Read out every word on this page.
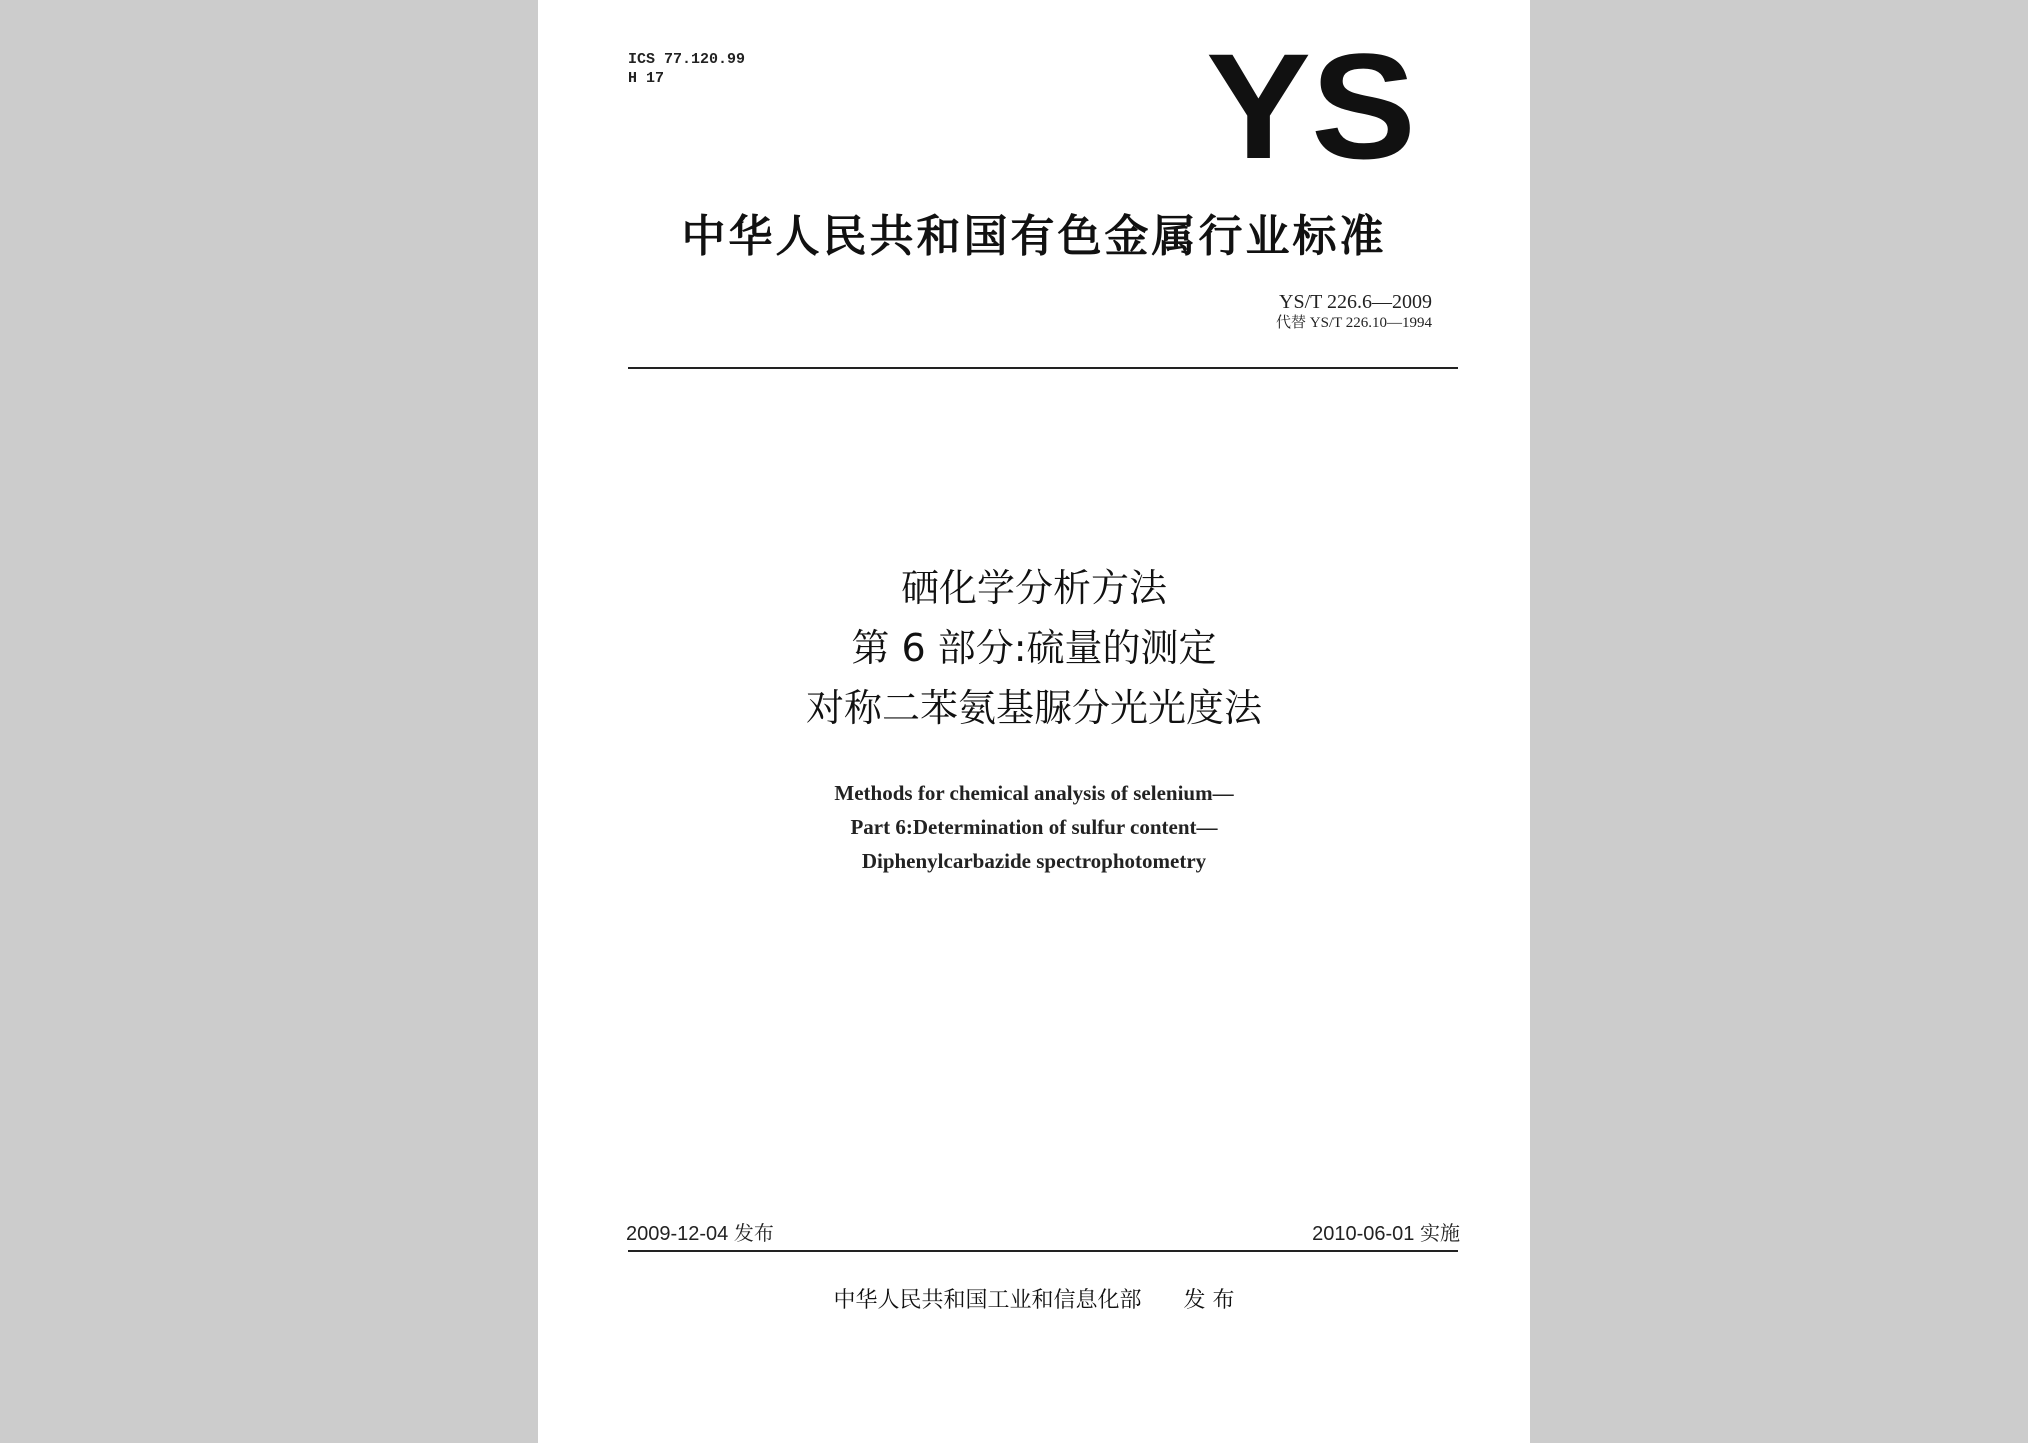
ICS 77.120.99
H 17	YS
中华人民共和国有色金属行业标准
YS/T 226.6—2009
代替 YS/T 226.10—1994
硒化学分析方法
第 6 部分:硫量的测定
对称二苯氨基脲分光光度法
Methods for chemical analysis of selenium—
Part 6:Determination of sulfur content—
Diphenylcarbazide spectrophotometry
2009-12-04 发布	2010-06-01 实施
中华人民共和国工业和信息化部 发 布
